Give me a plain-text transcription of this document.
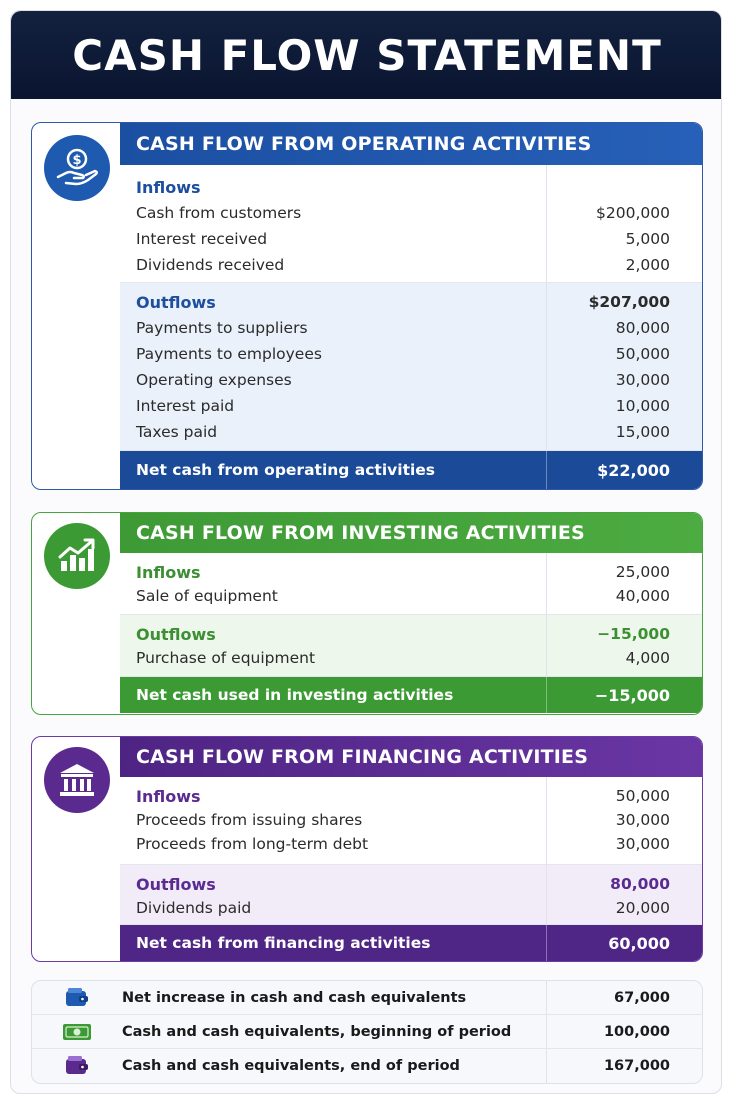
CASH FLOW STATEMENT
$
CASH FLOW FROM OPERATING ACTIVITIES
Inflows
Cash from customers	$200,000
Interest received	5,000
Dividends received	2,000
Outflows	$207,000
Payments to suppliers	80,000
Payments to employees	50,000
Operating expenses	30,000
Interest paid	10,000
Taxes paid	15,000
Net cash from operating activities	$22,000
CASH FLOW FROM INVESTING ACTIVITIES
Inflows	25,000
Sale of equipment	40,000
Outflows	−15,000
Purchase of equipment	4,000
Net cash used in investing activities	−15,000
CASH FLOW FROM FINANCING ACTIVITIES
Inflows	50,000
Proceeds from issuing shares	30,000
Proceeds from long-term debt	30,000
Outflows	80,000
Dividends paid	20,000
Net cash from financing activities	60,000
Net increase in cash and cash equivalents	67,000
Cash and cash equivalents, beginning of period	100,000
Cash and cash equivalents, end of period	167,000
